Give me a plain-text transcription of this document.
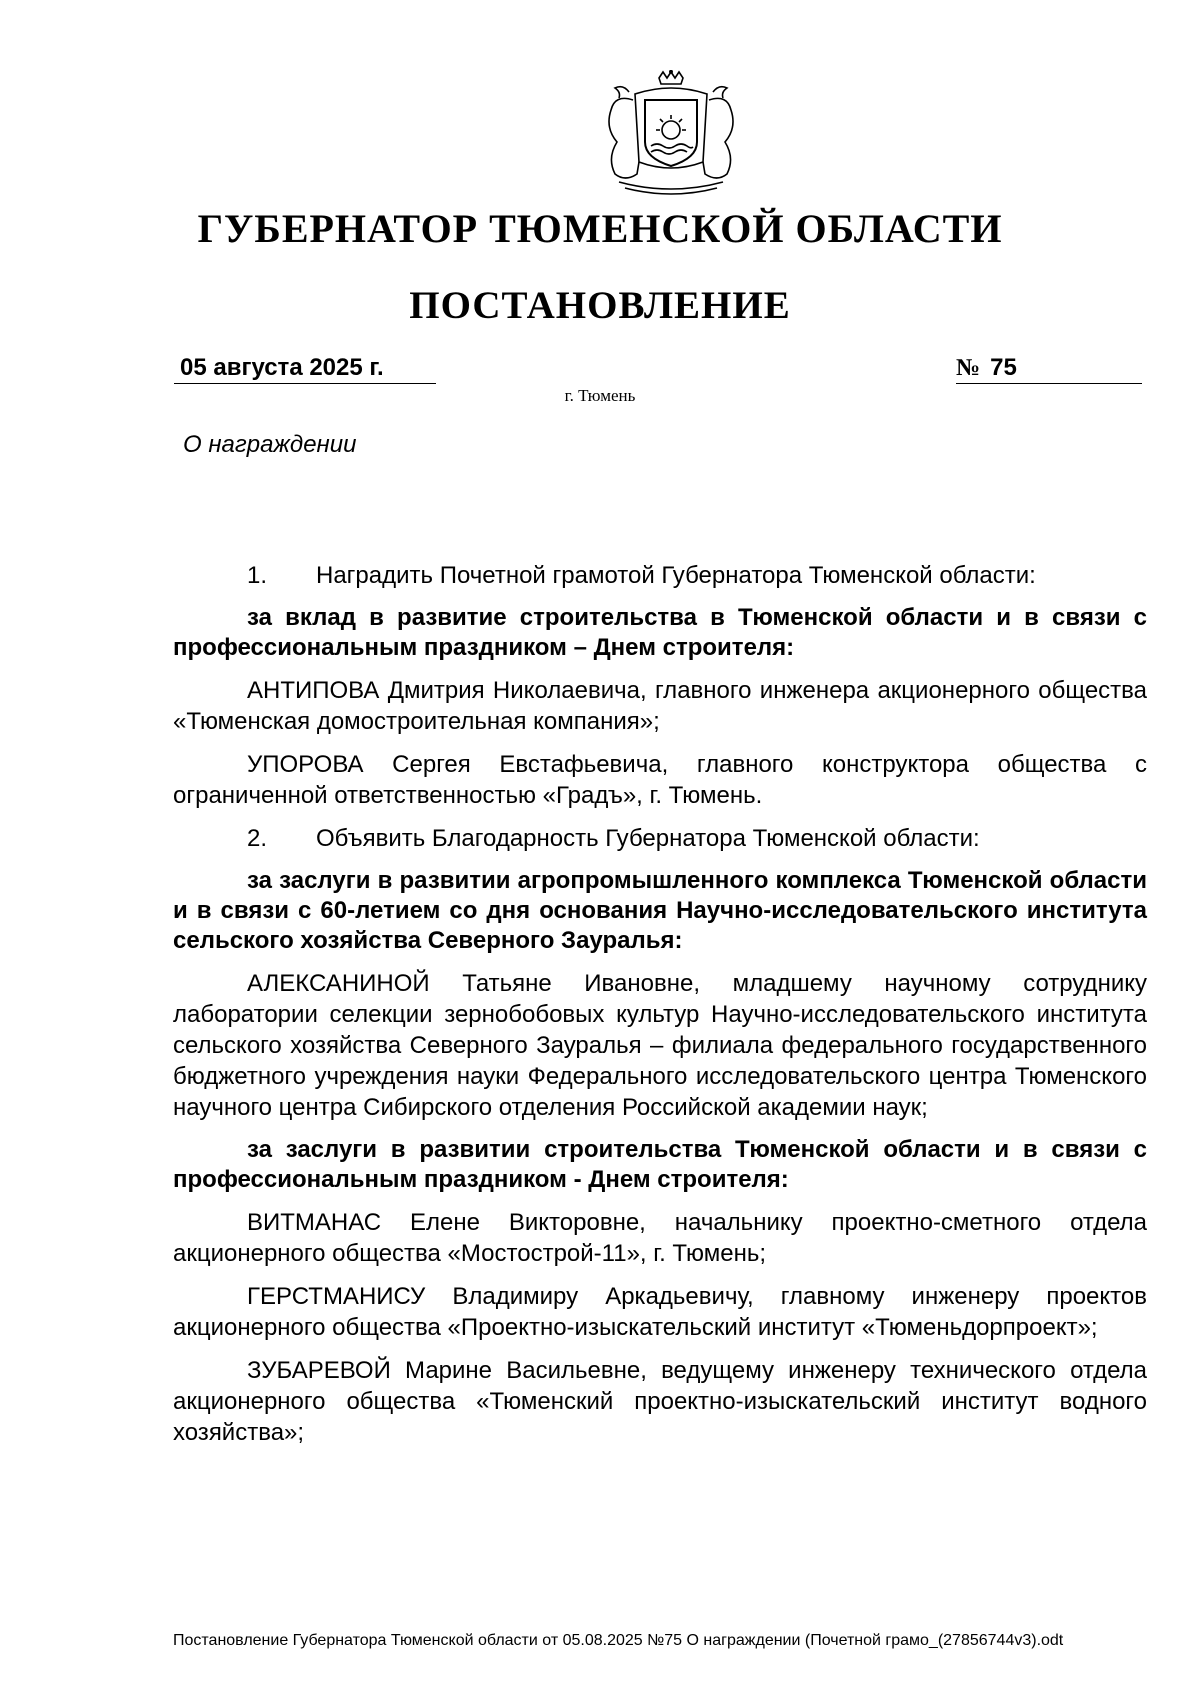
ГУБЕРНАТОР ТЮМЕНСКОЙ ОБЛАСТИ
ПОСТАНОВЛЕНИЕ
05 августа 2025 г.	№ 75
г. Тюмень
О награждении
1. Наградить Почетной грамотой Губернатора Тюменской области:

за вклад в развитие строительства в Тюменской области и в связи с профессиональным праздником – Днем строителя:

АНТИПОВА Дмитрия Николаевича, главного инженера акционерного общества «Тюменская домостроительная компания»;

УПОРОВА Сергея Евстафьевича, главного конструктора общества с ограниченной ответственностью «Градъ», г. Тюмень.

2. Объявить Благодарность Губернатора Тюменской области:

за заслуги в развитии агропромышленного комплекса Тюменской области и в связи с 60-летием со дня основания Научно-исследовательского института сельского хозяйства Северного Зауралья:

АЛЕКСАНИНОЙ Татьяне Ивановне, младшему научному сотруднику лаборатории селекции зернобобовых культур Научно-исследовательского института сельского хозяйства Северного Зауралья – филиала федерального государственного бюджетного учреждения науки Федерального исследовательского центра Тюменского научного центра Сибирского отделения Российской академии наук;

за заслуги в развитии строительства Тюменской области и в связи с профессиональным праздником - Днем строителя:

ВИТМАНАС Елене Викторовне, начальнику проектно-сметного отдела акционерного общества «Мостострой-11», г. Тюмень;

ГЕРСТМАНИСУ Владимиру Аркадьевичу, главному инженеру проектов акционерного общества «Проектно-изыскательский институт «Тюменьдорпроект»;

ЗУБАРЕВОЙ Марине Васильевне, ведущему инженеру технического отдела акционерного общества «Тюменский проектно-изыскательский институт водного хозяйства»;

Постановление Губернатора Тюменской области от 05.08.2025 №75 О награждении (Почетной грамо_(27856744v3).odt
